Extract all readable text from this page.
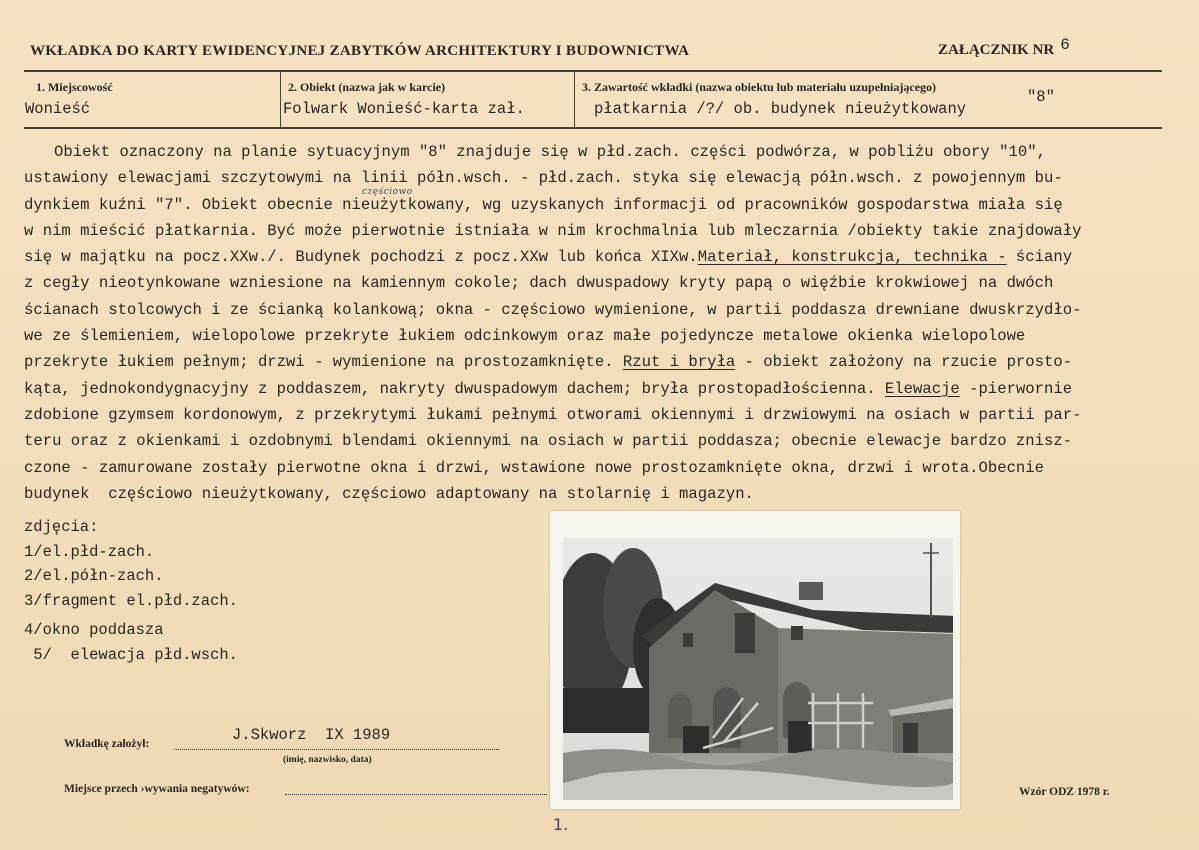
WKŁADKA DO KARTY EWIDENCYJNEJ ZABYTKÓW ARCHITEKTURY I BUDOWNICTWA	ZAŁĄCZNIK NR 6
1. Miejscowość
Wonieść
2. Obiekt (nazwa jak w karcie)
Folwark Wonieść-karta zał.
3. Zawartość wkładki (nazwa obiektu lub materiału uzupełniającego)
płatkarnia /?/ ob. budynek nieużytkowany
"8"
częściowo
Obiekt oznaczony na planie sytuacyjnym "8" znajduje się w płd.zach. części podwórza, w pobliżu obory "10",
ustawiony elewacjami szczytowymi na linii półn.wsch. - płd.zach. styka się elewacją półn.wsch. z powojennym bu-
dynkiem kuźni "7". Obiekt obecnie nieużytkowany, wg uzyskanych informacji od pracowników gospodarstwa miała się
w nim mieścić płatkarnia. Być może pierwotnie istniała w nim krochmalnia lub mleczarnia /obiekty takie znajdowały
się w majątku na pocz.XXw./. Budynek pochodzi z pocz.XXw lub końca XIXw.Materiał, konstrukcja, technika - ściany
z cegły nieotynkowane wzniesione na kamiennym cokole; dach dwuspadowy kryty papą o więźbie krokwiowej na dwóch
ścianach stolcowych i ze ścianką kolankową; okna - częściowo wymienione, w partii poddasza drewniane dwuskrzydło-
we ze ślemieniem, wielopolowe przekryte łukiem odcinkowym oraz małe pojedyncze metalowe okienka wielopolowe
przekryte łukiem pełnym; drzwi - wymienione na prostozamknięte. Rzut i bryła - obiekt założony na rzucie prosto-
kąta, jednokondygnacyjny z poddaszem, nakryty dwuspadowym dachem; bryła prostopadłościenna. Elewacje -pierwornie
zdobione gzymsem kordonowym, z przekrytymi łukami pełnymi otworami okiennymi i drzwiowymi na osiach w partii par-
teru oraz z okienkami i ozdobnymi blendami okiennymi na osiach w partii poddasza; obecnie elewacje bardzo znisz-
czone - zamurowane zostały pierwotne okna i drzwi, wstawione nowe prostozamknięte okna, drzwi i wrota.Obecnie
budynek  częściowo nieużytkowany, częściowo adaptowany na stolarnię i magazyn.
zdjęcia:
1/el.płd-zach.
2/el.półn-zach.
3/fragment el.płd.zach.
4/okno poddasza
5/  elewacja płd.wsch.
Wkładkę założył:	J.Skworz  IX 1989
(imię, nazwisko, data)
Miejsce przech ›wywania negatywów:	Wzór ODZ 1978 r.
1.
